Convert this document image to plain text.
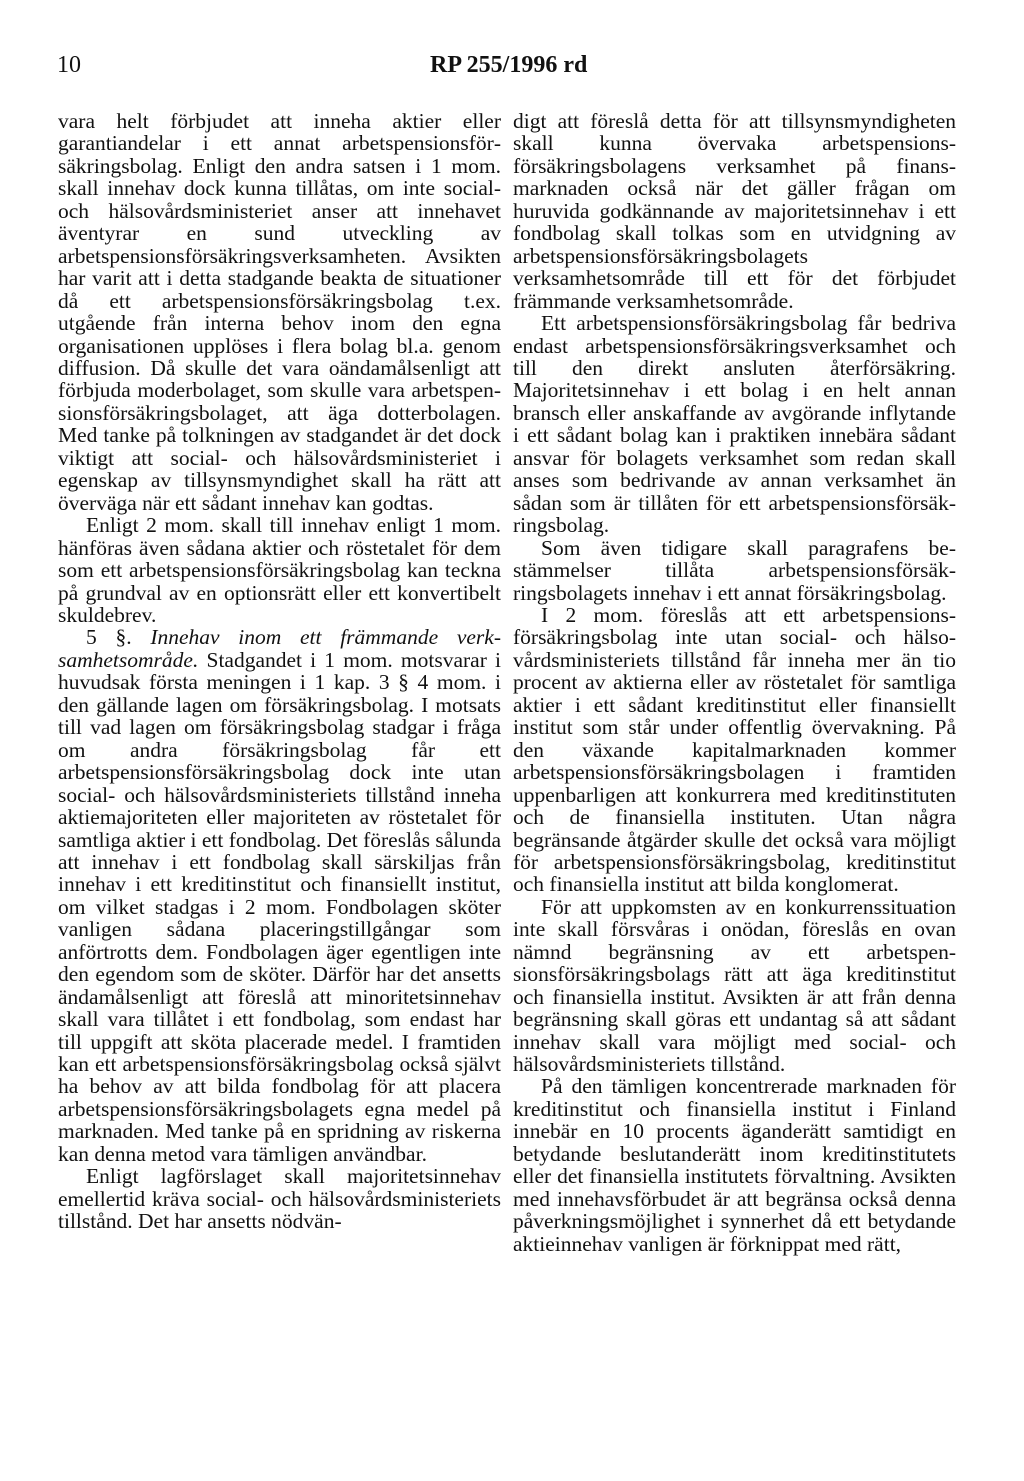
10	RP 255/1996 rd

vara helt förbjudet att inneha aktier eller garantiandelar i ett annat arbetspensionsförsäkringsbolag. Enligt den andra satsen i 1 mom. skall innehav dock kunna tillåtas, om inte social- och hälsovårdsministeriet anser att innehavet äventyrar en sund utveckling av arbetspensionsförsäkringsverksamheten. Avsikten har varit att i detta stadgande beakta de situationer då ett arbetspensionsförsäkringsbolag t.ex. utgående från interna behov inom den egna organisationen upplöses i flera bolag bl.a. genom diffusion. Då skulle det vara oändamålsenligt att förbjuda moderbolaget, som skulle vara arbetspensionsförsäkringsbolaget, att äga dotterbolagen. Med tanke på tolkningen av stadgandet är det dock viktigt att social- och hälsovårdsministeriet i egenskap av tillsynsmyndighet skall ha rätt att överväga när ett sådant innehav kan godtas.

Enligt 2 mom. skall till innehav enligt 1 mom. hänföras även sådana aktier och röstetalet för dem som ett arbetspensionsförsäkringsbolag kan teckna på grundval av en optionsrätt eller ett konvertibelt skuldebrev.

5 §. Innehav inom ett främmande verksamhetsområde. Stadgandet i 1 mom. motsvarar i huvudsak första meningen i 1 kap. 3 § 4 mom. i den gällande lagen om försäkringsbolag. I motsats till vad lagen om försäkringsbolag stadgar i fråga om andra försäkringsbolag får ett arbetspensionsförsäkringsbolag dock inte utan social- och hälsovårdsministeriets tillstånd inneha aktiemajoriteten eller majoriteten av röstetalet för samtliga aktier i ett fondbolag. Det föreslås sålunda att innehav i ett fondbolag skall särskiljas från innehav i ett kreditinstitut och finansiellt institut, om vilket stadgas i 2 mom. Fondbolagen sköter vanligen sådana placeringstillgångar som anförtrotts dem. Fondbolagen äger egentligen inte den egendom som de sköter. Därför har det ansetts ändamålsenligt att föreslå att minoritetsinnehav skall vara tillåtet i ett fondbolag, som endast har till uppgift att sköta placerade medel. I framtiden kan ett arbetspensionsförsäkringsbolag också självt ha behov av att bilda fondbolag för att placera arbetspensionsförsäkringsbolagets egna medel på marknaden. Med tanke på en spridning av riskerna kan denna metod vara tämligen användbar.

Enligt lagförslaget skall majoritetsinnehav emellertid kräva social- och hälsovårdsministeriets tillstånd. Det har ansetts nödvän-

digt att föreslå detta för att tillsynsmyndigheten skall kunna övervaka arbetspensionsförsäkringsbolagens verksamhet på finansmarknaden också när det gäller frågan om huruvida godkännande av majoritetsinnehav i ett fondbolag skall tolkas som en utvidgning av arbetspensionsförsäkringsbolagets verksamhetsområde till ett för det förbjudet främmande verksamhetsområde.

Ett arbetspensionsförsäkringsbolag får bedriva endast arbetspensionsförsäkringsverksamhet och till den direkt ansluten återförsäkring. Majoritetsinnehav i ett bolag i en helt annan bransch eller anskaffande av avgörande inflytande i ett sådant bolag kan i praktiken innebära sådant ansvar för bolagets verksamhet som redan skall anses som bedrivande av annan verksamhet än sådan som är tillåten för ett arbetspensionsförsäkringsbolag.

Som även tidigare skall paragrafens bestämmelser tillåta arbetspensionsförsäkringsbolagets innehav i ett annat försäkringsbolag.

I 2 mom. föreslås att ett arbetspensionsförsäkringsbolag inte utan social- och hälsovårdsministeriets tillstånd får inneha mer än tio procent av aktierna eller av röstetalet för samtliga aktier i ett sådant kreditinstitut eller finansiellt institut som står under offentlig övervakning. På den växande kapitalmarknaden kommer arbetspensionsförsäkringsbolagen i framtiden uppenbarligen att konkurrera med kreditinstituten och de finansiella instituten. Utan några begränsande åtgärder skulle det också vara möjligt för arbetspensionsförsäkringsbolag, kreditinstitut och finansiella institut att bilda konglomerat.

För att uppkomsten av en konkurrenssituation inte skall försvåras i onödan, föreslås en ovan nämnd begränsning av ett arbetspensionsförsäkringsbolags rätt att äga kreditinstitut och finansiella institut. Avsikten är att från denna begränsning skall göras ett undantag så att sådant innehav skall vara möjligt med social- och hälsovårdsministeriets tillstånd.

På den tämligen koncentrerade marknaden för kreditinstitut och finansiella institut i Finland innebär en 10 procents äganderätt samtidigt en betydande beslutanderätt inom kreditinstitutets eller det finansiella institutets förvaltning. Avsikten med innehavsförbudet är att begränsa också denna påverkningsmöjlighet i synnerhet då ett betydande aktieinnehav vanligen är förknippat med rätt,
